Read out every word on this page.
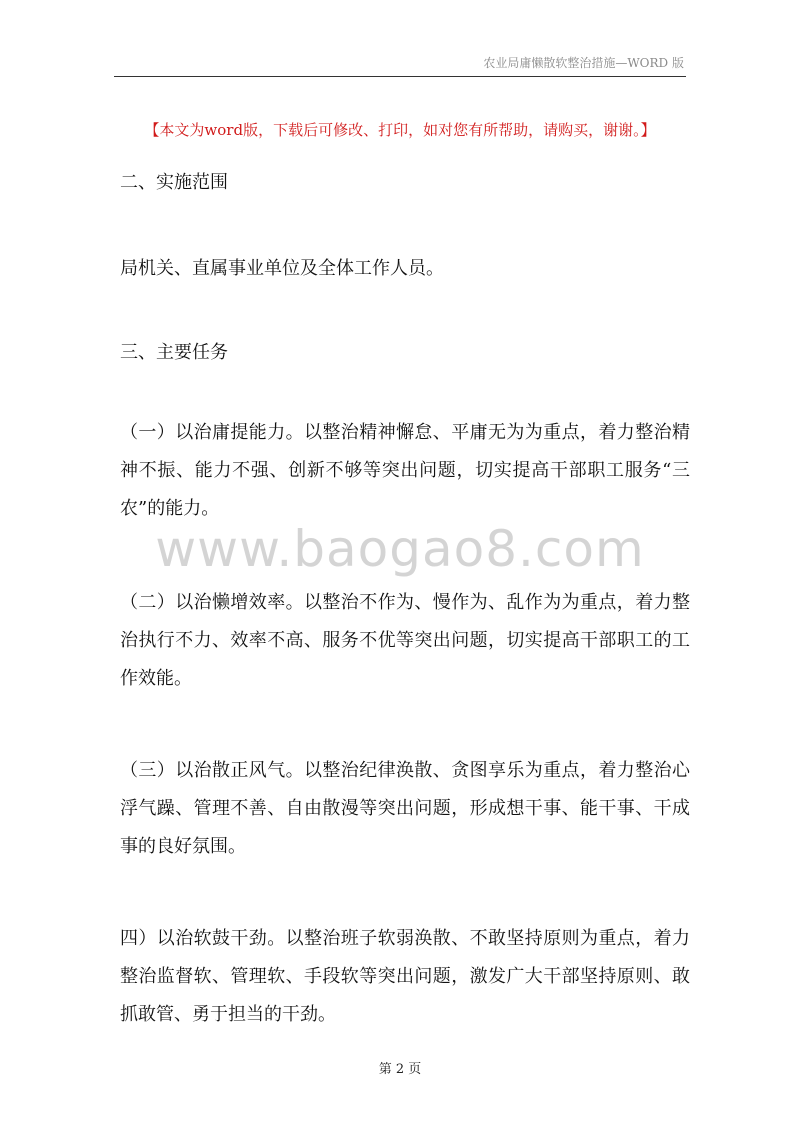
农业局庸懒散软整治措施—WORD 版
【本文为word版，下载后可修改、打印，如对您有所帮助，请购买，谢谢。】

二、实施范围

局机关、直属事业单位及全体工作人员。

三、主要任务

（一）以治庸提能力。以整治精神懈怠、平庸无为为重点，着力整治精神不振、能力不强、创新不够等突出问题，切实提高干部职工服务“三农”的能力。

（二）以治懒增效率。以整治不作为、慢作为、乱作为为重点，着力整治执行不力、效率不高、服务不优等突出问题，切实提高干部职工的工作效能。

（三）以治散正风气。以整治纪律涣散、贪图享乐为重点，着力整治心浮气躁、管理不善、自由散漫等突出问题，形成想干事、能干事、干成事的良好氛围。

四）以治软鼓干劲。以整治班子软弱涣散、不敢坚持原则为重点，着力整治监督软、管理软、手段软等突出问题，激发广大干部坚持原则、敢抓敢管、勇于担当的干劲。

www.baogao8.com
第 2 页
